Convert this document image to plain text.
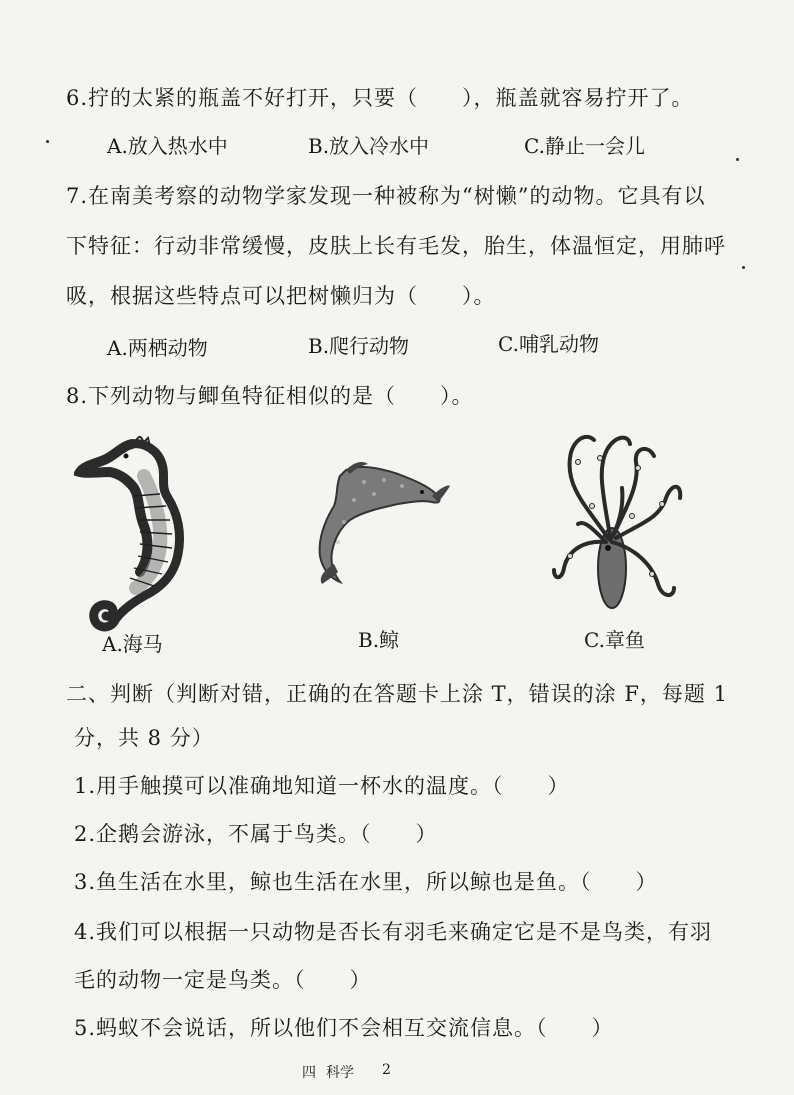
6.拧的太紧的瓶盖不好打开，只要（　　），瓶盖就容易拧开了。
A.放入热水中	B.放入冷水中	C.静止一会儿
7.在南美考察的动物学家发现一种被称为“树懒”的动物。它具有以
下特征：行动非常缓慢，皮肤上长有毛发，胎生，体温恒定，用肺呼
吸，根据这些特点可以把树懒归为（　　）。
A.两栖动物	B.爬行动物	C.哺乳动物
8.下列动物与鲫鱼特征相似的是（　　）。
A.海马	B.鲸	C.章鱼
二、判断（判断对错，正确的在答题卡上涂 T，错误的涂 F，每题 1
分，共 8 分）
1.用手触摸可以准确地知道一杯水的温度。（　　）
2.企鹅会游泳，不属于鸟类。（　　）
3.鱼生活在水里，鲸也生活在水里，所以鲸也是鱼。（　　）
4.我们可以根据一只动物是否长有羽毛来确定它是不是鸟类，有羽
毛的动物一定是鸟类。（　　）
5.蚂蚁不会说话，所以他们不会相互交流信息。（　　）
四 科学 2
